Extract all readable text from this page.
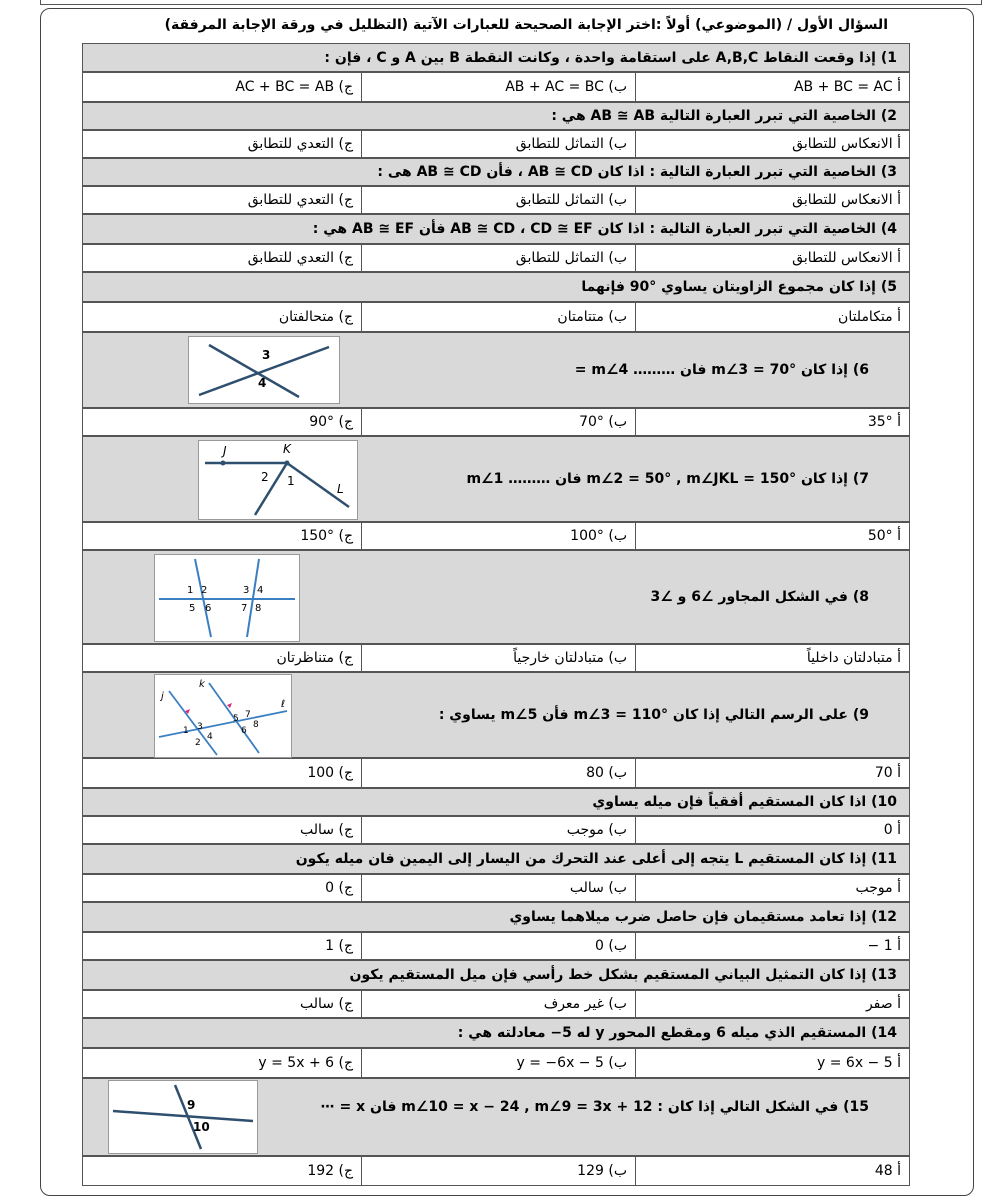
السؤال الأول / (الموضوعي) أولاً :اختر الإجابة الصحيحة للعبارات الآتية (التظليل في ورقة الإجابة المرفقة)
1) إذا وقعت النقاط A,B,C على استقامة واحدة ، وكانت النقطة B بين A و C ، فإن :
أ AB + BC = AC
ب) AB + AC = BC
ج) AC + BC = AB
2) الخاصية التي تبرر العبارة التالية AB ≅ AB هي :
أ الانعكاس للتطابق
ب) التماثل للتطابق
ج) التعدي للتطابق
3) الخاصية التي تبرر العبارة التالية : اذا كان AB ≅ CD ، فأن AB ≅ CD هى :
أ الانعكاس للتطابق
ب) التماثل للتطابق
ج) التعدي للتطابق
4) الخاصية التي تبرر العبارة التالية : اذا كان AB ≅ CD ، CD ≅ EF فأن AB ≅ EF هي :
أ الانعكاس للتطابق
ب) التماثل للتطابق
ج) التعدي للتطابق
5) إذا كان مجموع الزاويتان يساوي °90 فإنهما
أ متكاملتان
ب) متتامتان
ج) متحالفتان
6) إذا كان m∠3 = 70° فان ……… m∠4 =
3
4
أ °35
ب) °70
ج) °90
7) إذا كان m∠2 = 50° , m∠JKL = 150° فان ……… m∠1
J	K
2 1
L
أ °50
ب) °100
ج) °150
8) في الشكل المجاور ∠6 و ∠3
1 2	3 4
5 6	7 8
أ متبادلتان داخلياً
ب) متبادلتان خارجياً
ج) متناظرتان
9) على الرسم التالي إذا كان m∠3 = 110° فأن m∠5 يساوي :
k
j
ℓ
1
2
3
4
5
6
7
8
أ 70
ب) 80
ج) 100
10) اذا كان المستقيم أفقياً فإن ميله يساوي
أ 0
ب) موجب
ج) سالب
11) إذا كان المستقيم L يتجه إلى أعلى عند التحرك من اليسار إلى اليمين فان ميله يكون
أ موجب
ب) سالب
ج) 0
12) إذا تعامد مستقيمان فإن حاصل ضرب ميلاهما يساوي
أ 1 −
ب) 0
ج) 1
13) إذا كان التمثيل البياني المستقيم بشكل خط رأسي فإن ميل المستقيم يكون
أ صفر
ب) غير معرف
ج) سالب
14) المستقيم الذي ميله 6 ومقطع المحور y له 5− معادلته هي :
أ y = 6x − 5
ب) y = −6x − 5
ج) y = 5x + 6
15) في الشكل التالي إذا كان : m∠10 = x − 24 , m∠9 = 3x + 12 فان x = ⋯
9
10
أ 48
ب) 129
ج) 192
